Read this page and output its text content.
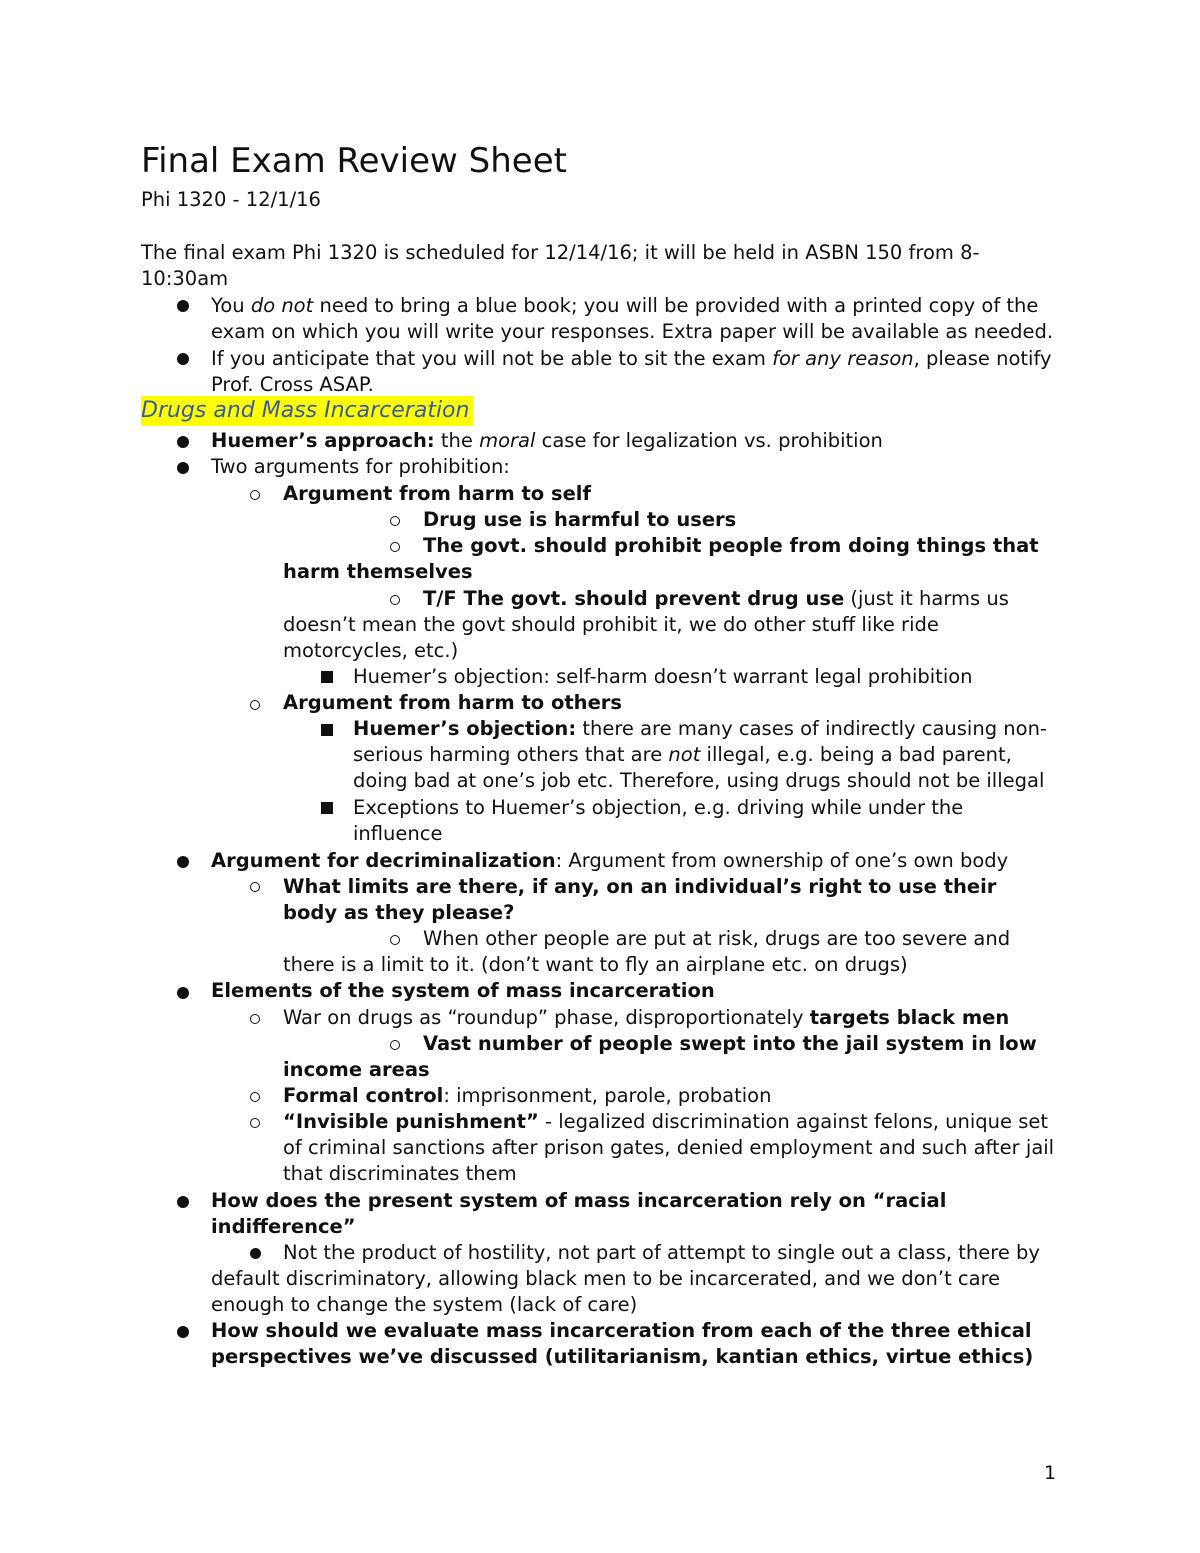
Final Exam Review Sheet
Phi 1320 - 12/1/16
The final exam Phi 1320 is scheduled for 12/14/16; it will be held in ASBN 150 from 8-
10:30am
You do not need to bring a blue book; you will be provided with a printed copy of the
exam on which you will write your responses. Extra paper will be available as needed.
If you anticipate that you will not be able to sit the exam for any reason, please notify
Prof. Cross ASAP.
Drugs and Mass Incarceration
Huemer’s approach: the moral case for legalization vs. prohibition
Two arguments for prohibition:
Argument from harm to self
Drug use is harmful to users
The govt. should prohibit people from doing things that
harm themselves
T/F The govt. should prevent drug use (just it harms us
doesn’t mean the govt should prohibit it, we do other stuff like ride
motorcycles, etc.)
Huemer’s objection: self-harm doesn’t warrant legal prohibition
Argument from harm to others
Huemer’s objection: there are many cases of indirectly causing non-
serious harming others that are not illegal, e.g. being a bad parent,
doing bad at one’s job etc. Therefore, using drugs should not be illegal
Exceptions to Huemer’s objection, e.g. driving while under the
influence
Argument for decriminalization: Argument from ownership of one’s own body
What limits are there, if any, on an individual’s right to use their
body as they please?
When other people are put at risk, drugs are too severe and
there is a limit to it. (don’t want to fly an airplane etc. on drugs)
Elements of the system of mass incarceration
War on drugs as “roundup” phase, disproportionately targets black men
Vast number of people swept into the jail system in low
income areas
Formal control: imprisonment, parole, probation
“Invisible punishment” - legalized discrimination against felons, unique set
of criminal sanctions after prison gates, denied employment and such after jail
that discriminates them
How does the present system of mass incarceration rely on “racial
indifference”
Not the product of hostility, not part of attempt to single out a class, there by
default discriminatory, allowing black men to be incarcerated, and we don’t care
enough to change the system (lack of care)
How should we evaluate mass incarceration from each of the three ethical
perspectives we’ve discussed (utilitarianism, kantian ethics, virtue ethics)
1
